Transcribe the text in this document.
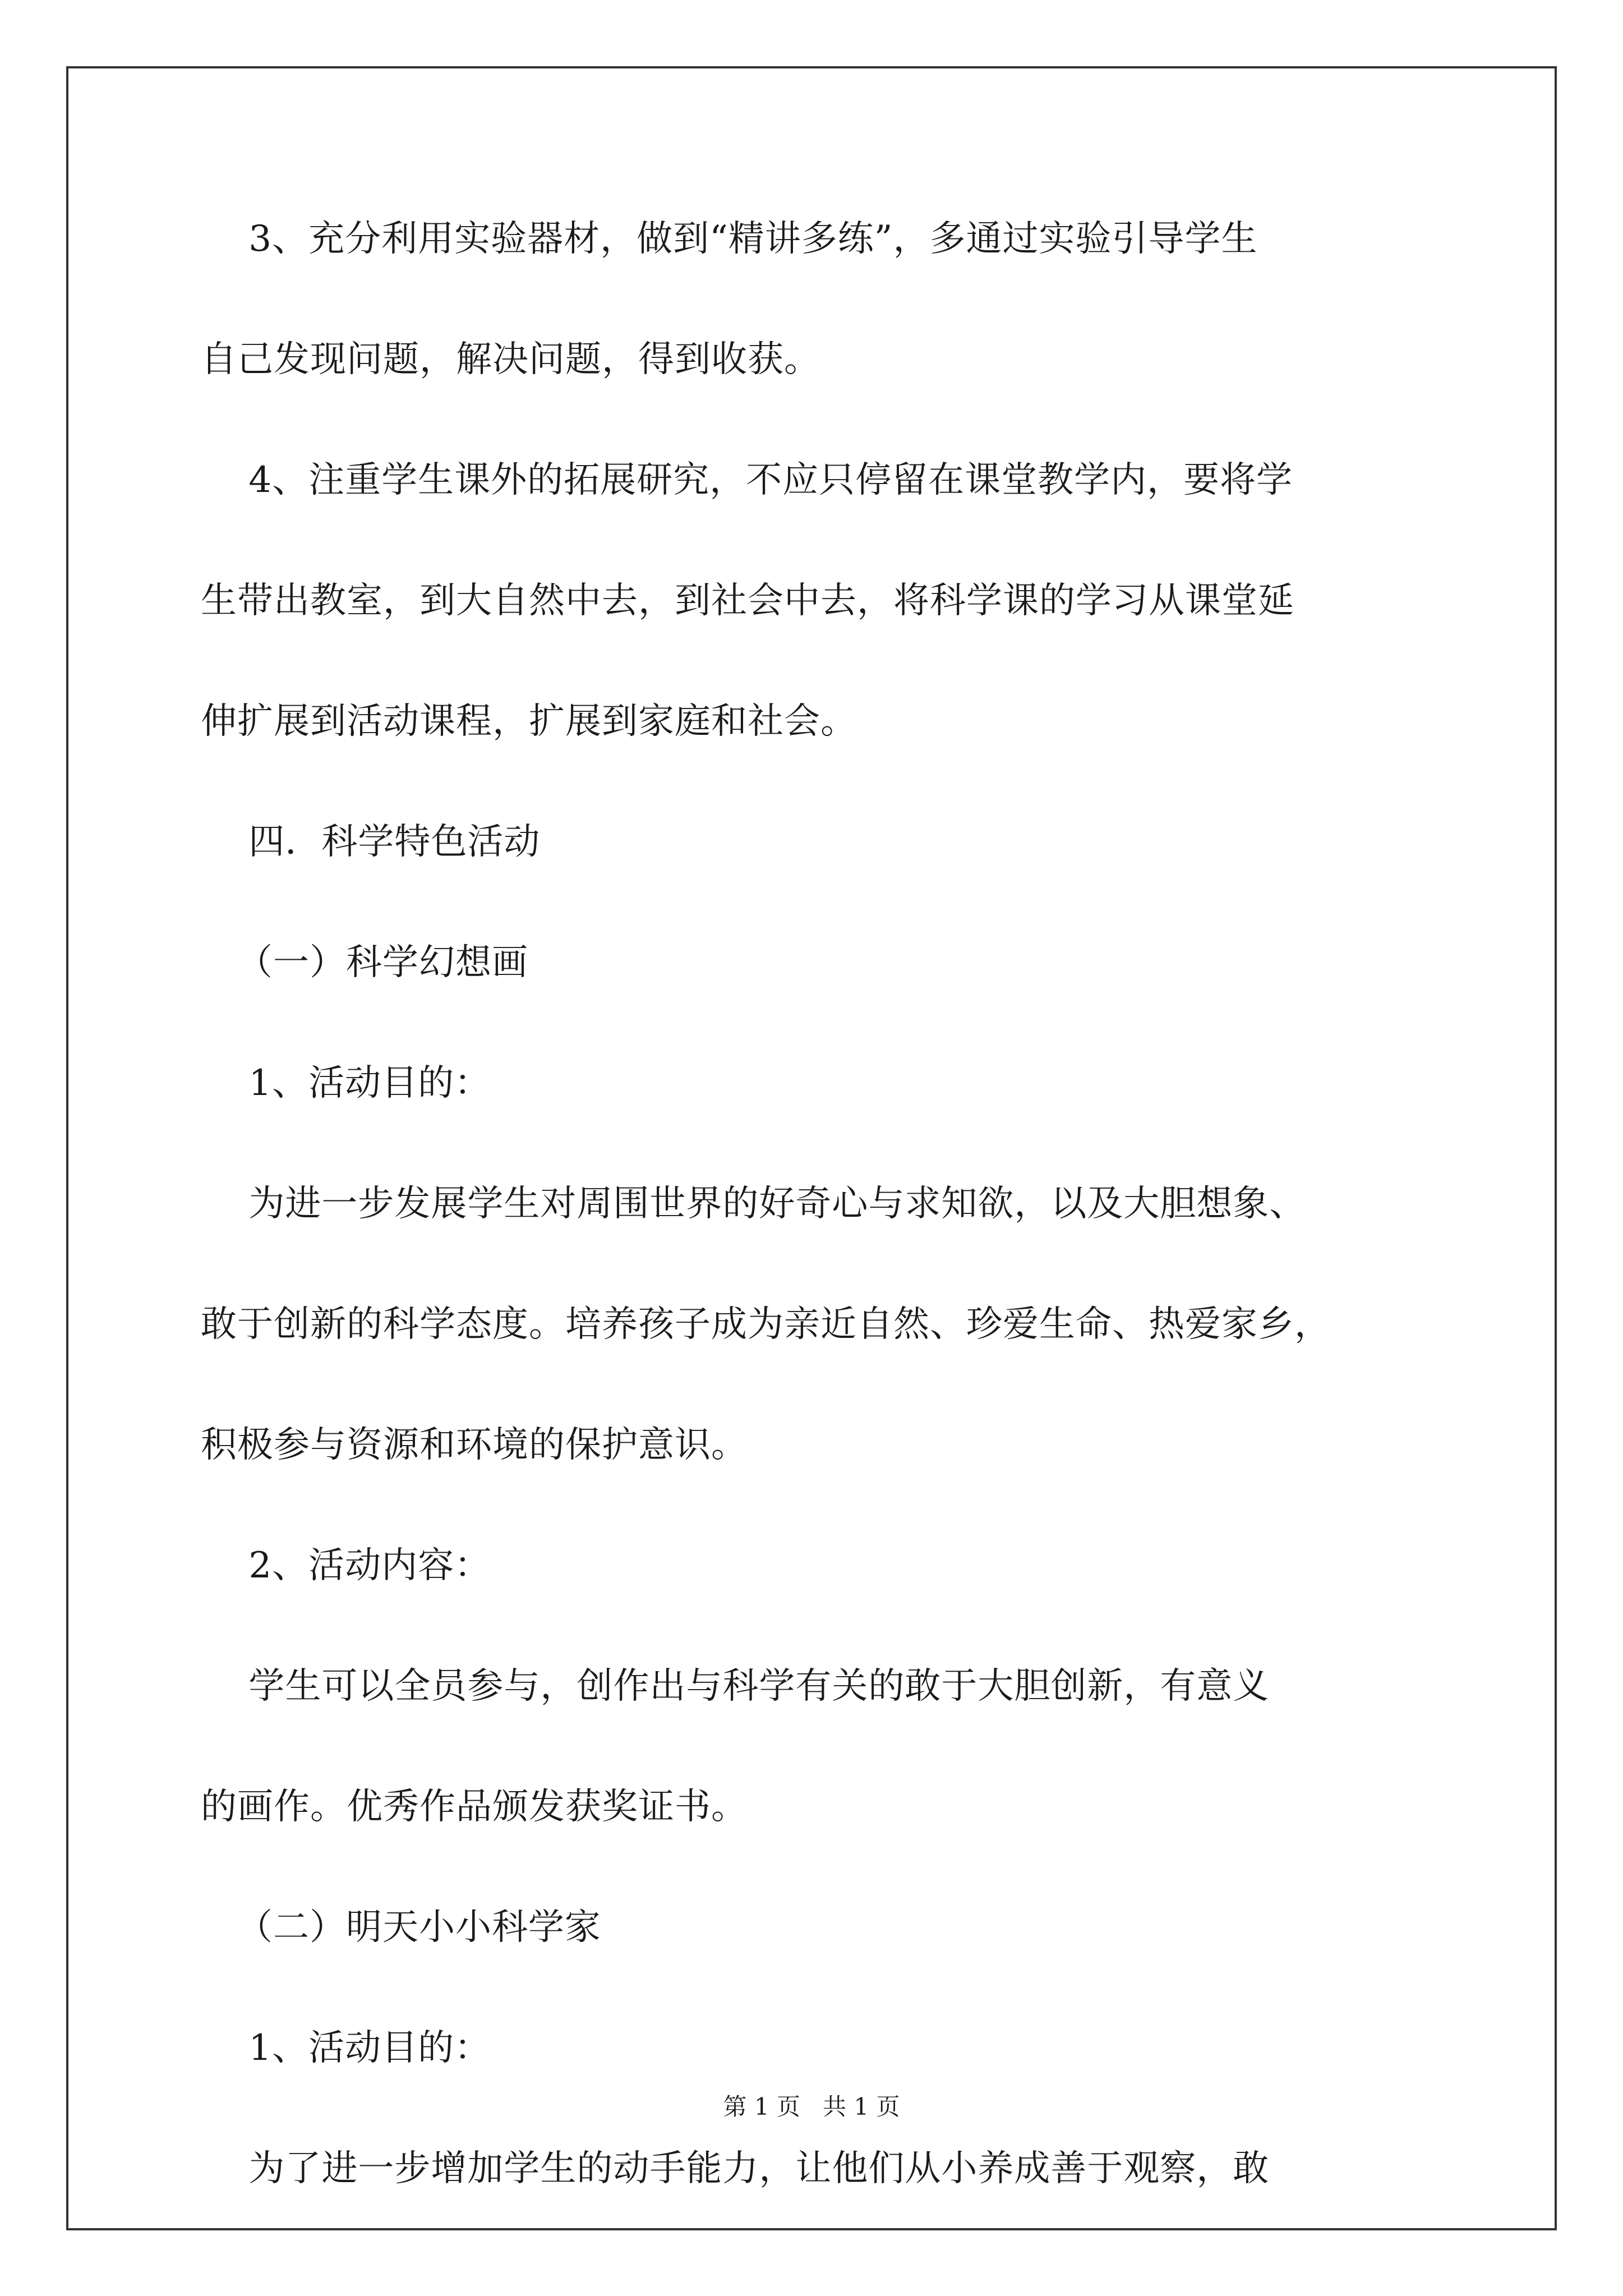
3、充分利用实验器材，做到“精讲多练”，多通过实验引导学生
自己发现问题，解决问题，得到收获。
4、注重学生课外的拓展研究，不应只停留在课堂教学内，要将学
生带出教室，到大自然中去，到社会中去，将科学课的学习从课堂延
伸扩展到活动课程，扩展到家庭和社会。
四．科学特色活动
（一）科学幻想画
1、活动目的：
为进一步发展学生对周围世界的好奇心与求知欲，以及大胆想象、
敢于创新的科学态度。培养孩子成为亲近自然、珍爱生命、热爱家乡，
积极参与资源和环境的保护意识。
2、活动内容：
学生可以全员参与，创作出与科学有关的敢于大胆创新，有意义
的画作。优秀作品颁发获奖证书。
（二）明天小小科学家
1、活动目的：
为了进一步增加学生的动手能力，让他们从小养成善于观察，敢
第 1 页   共 1 页
